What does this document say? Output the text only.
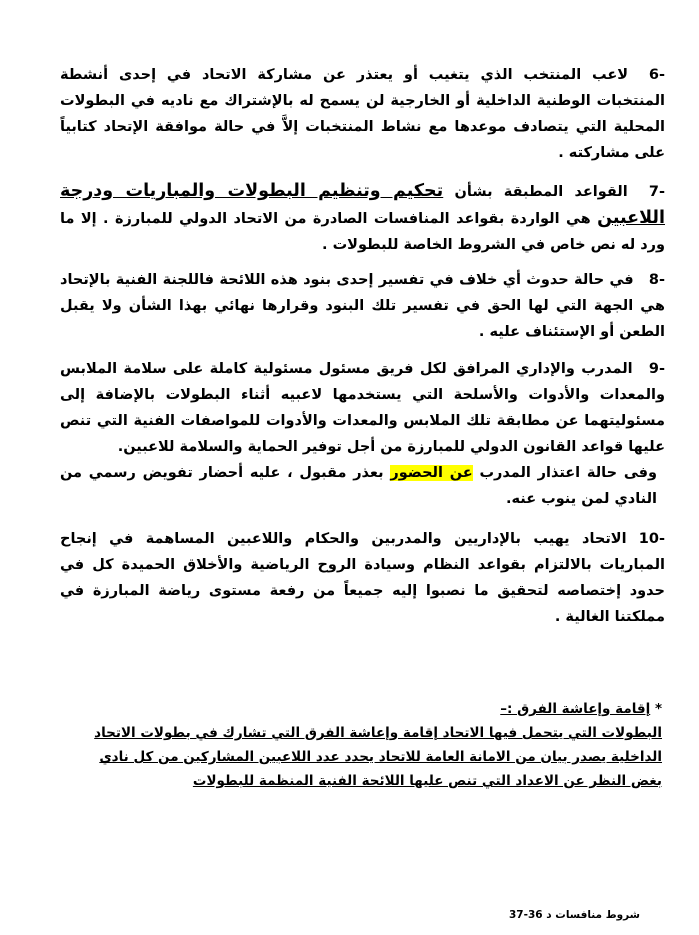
-6 لاعب المنتخب الذي يتغيب أو يعتذر عن مشاركة الاتحاد في إحدى أنشطة المنتخبات الوطنية الداخلية أو الخارجية لن يسمح له بالإشتراك مع ناديه في البطولات المحلية التي يتصادف موعدها مع نشاط المنتخبات إلاَّ في حالة موافقة الإتحاد كتابياً على مشاركته .
-7 القواعد المطبقة بشأن تحكيم وتنظيم البطولات والمباريات ودرجة اللاعبين هي الواردة بقواعد المنافسات الصادرة من الاتحاد الدولي للمبارزة . إلا ما ورد له نص خاص في الشروط الخاصة للبطولات .
-8 في حالة حدوث أي خلاف في تفسير إحدى بنود هذه اللائحة فاللجنة الفنية بالإتحاد هي الجهة التي لها الحق في تفسير تلك البنود وقرارها نهائي بهذا الشأن ولا يقبل الطعن أو الإستئناف عليه .
-9 المدرب والإداري المرافق لكل فريق مسئول مسئولية كاملة على سلامة الملابس والمعدات والأدوات والأسلحة التي يستخدمها لاعبيه أثناء البطولات بالإضافة إلى مسئوليتهما عن مطابقة تلك الملابس والمعدات والأدوات للمواصفات الفنية التي تنص عليها قواعد القانون الدولي للمبارزة من أجل توفير الحماية والسلامة للاعبين.
وفى حالة اعتذار المدرب عن الحضور بعذر مقبول ، عليه أحضار تفويض رسمي من النادي لمن ينوب عنه.
-10 الاتحاد يهيب بالإداريين والمدربين والحكام واللاعبين المساهمة في إنجاح المباريات بالالتزام بقواعد النظام وسيادة الروح الرياضية والأخلاق الحميدة كل في حدود إختصاصه لتحقيق ما نصبوا إليه جميعاً من رفعة مستوى رياضة المبارزة في مملكتنا الغالية .
* إقامة وإعاشة الفرق :–
البطولات التي يتحمل فيها الاتحاد إقامة وإعاشة الفرق التي تشارك في بطولات الاتحاد
الداخلية يصدر بيان من الامانة العامة للاتحاد يحدد عدد اللاعبين المشاركين من كل نادي
بغض النظر عن الاعداد التي تنص عليها اللائحة الفنية المنظمة للبطولات
شروط منافسات د 36-37
